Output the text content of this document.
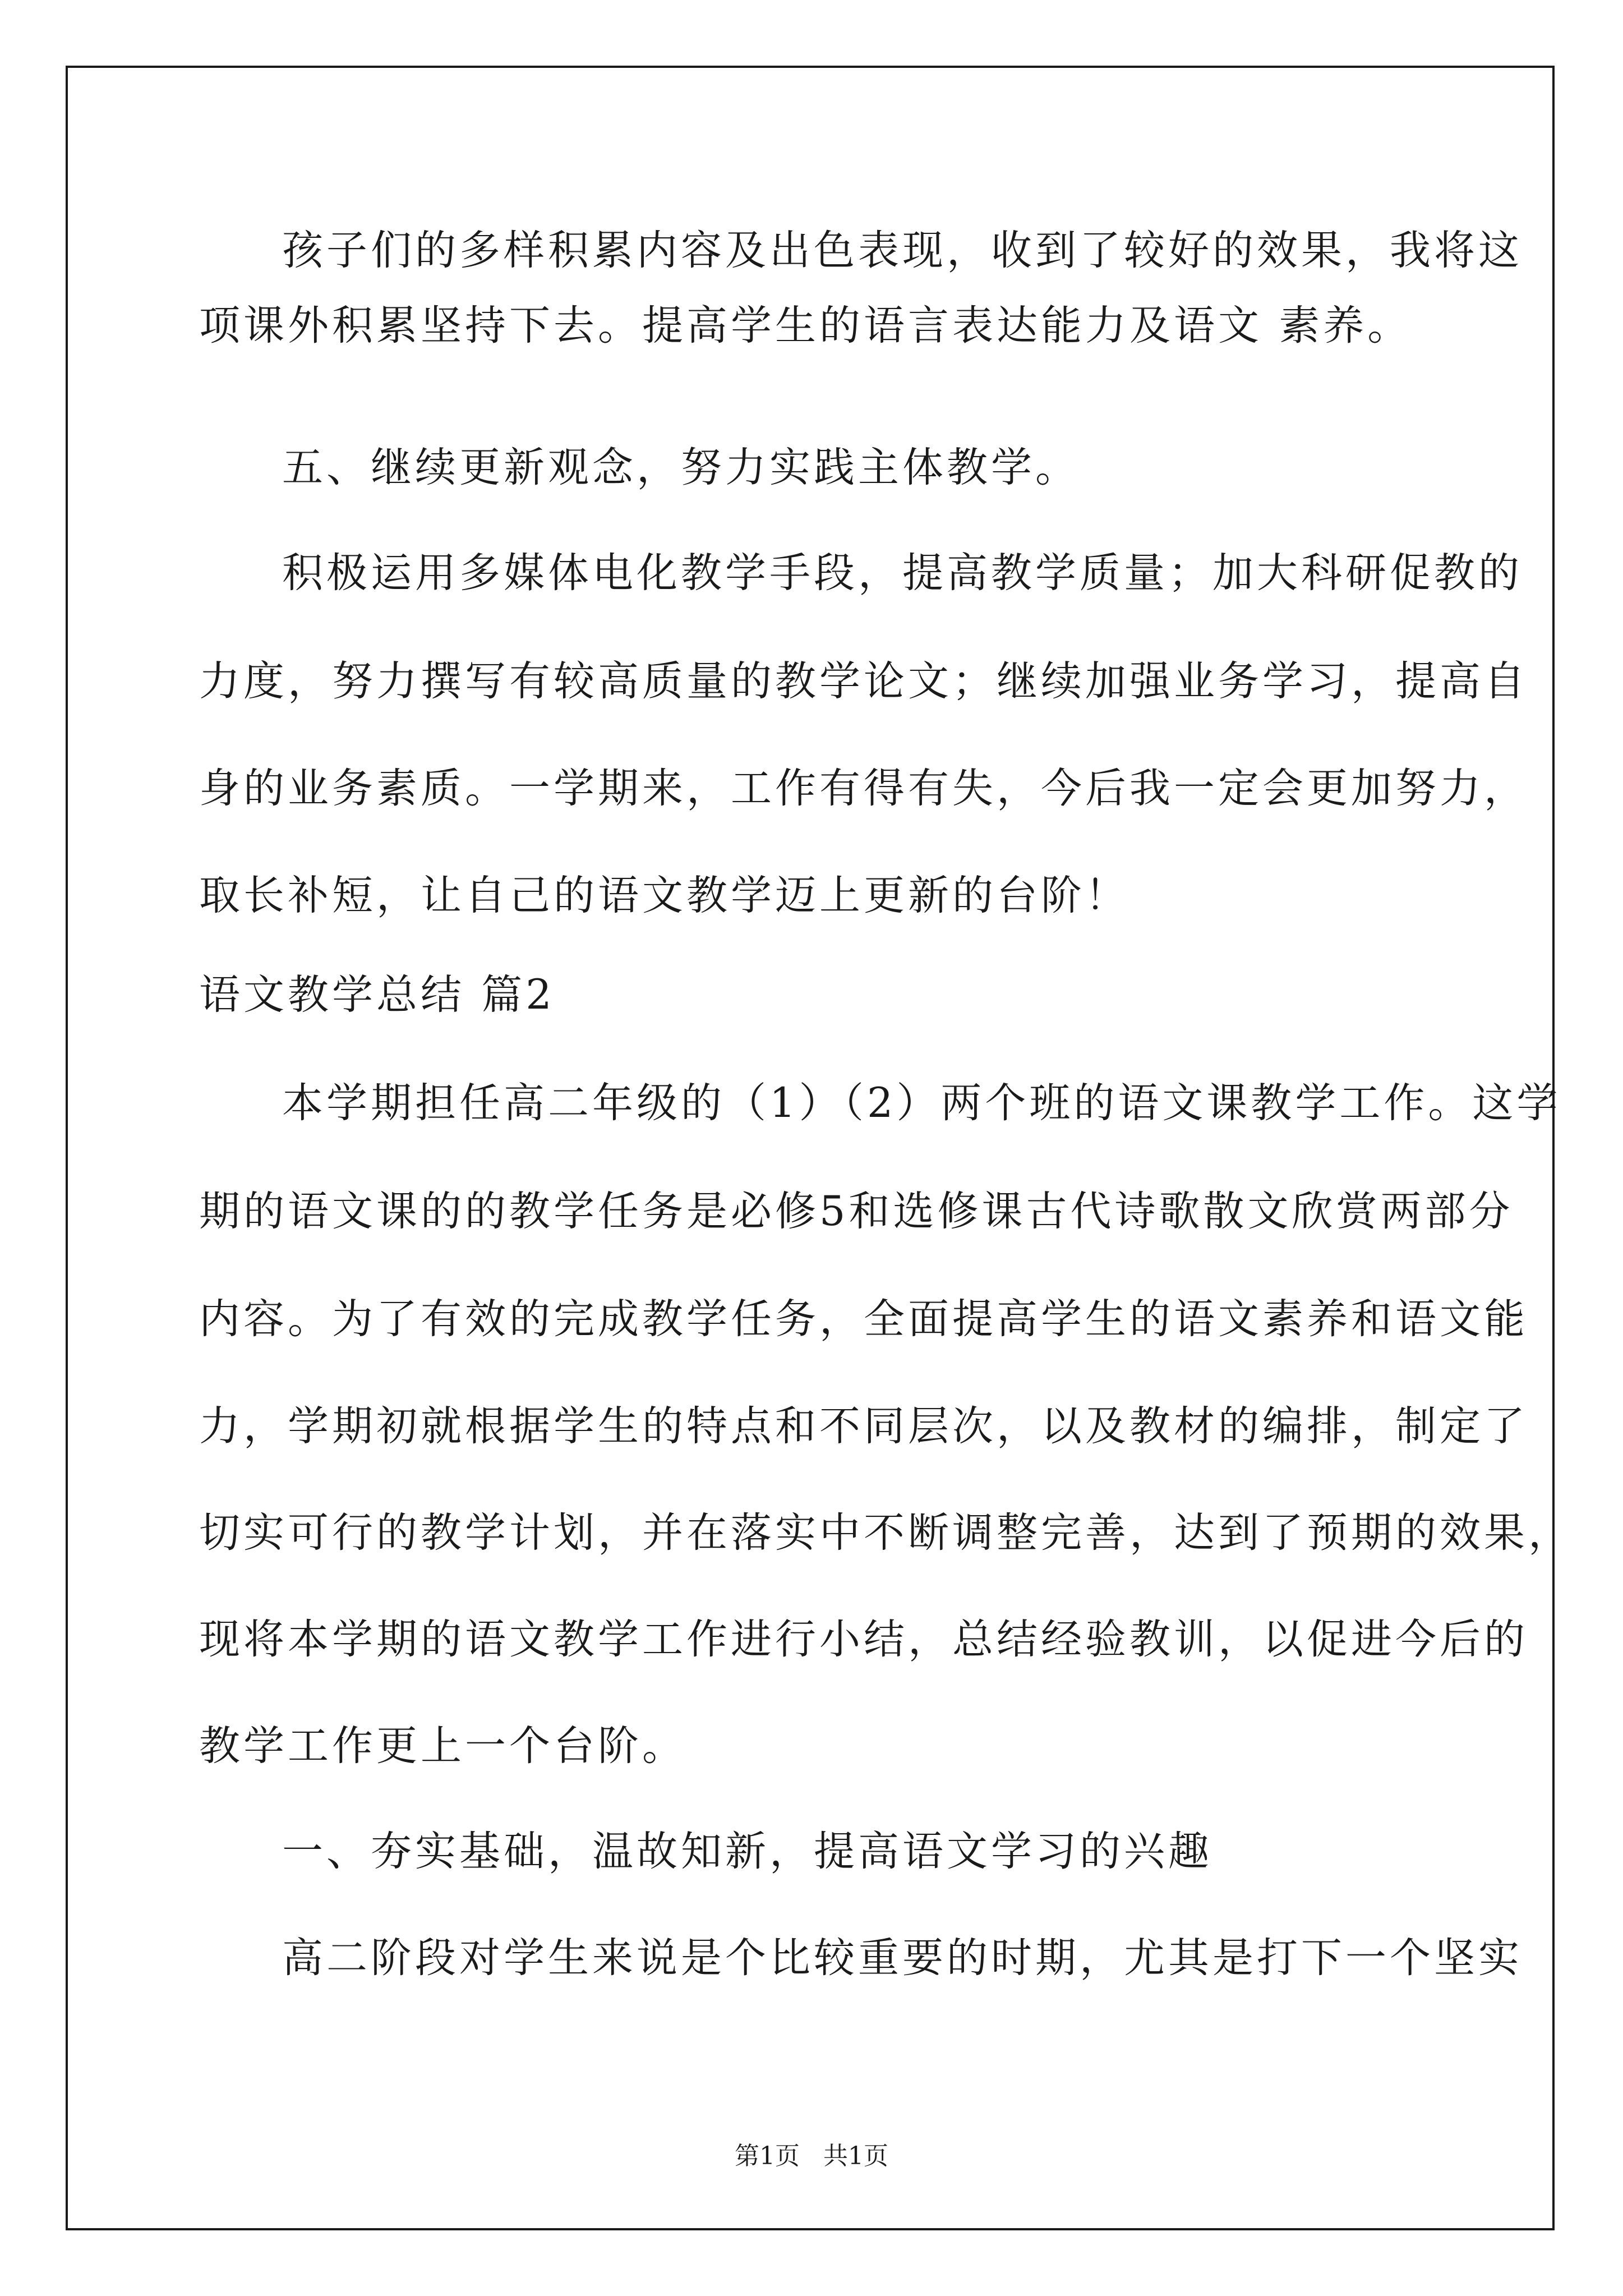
孩子们的多样积累内容及出色表现，收到了较好的效果，我将这
项课外积累坚持下去。提高学生的语言表达能力及语文 素养。
五、继续更新观念，努力实践主体教学。
积极运用多媒体电化教学手段，提高教学质量；加大科研促教的
力度，努力撰写有较高质量的教学论文；继续加强业务学习，提高自
身的业务素质。一学期来，工作有得有失，今后我一定会更加努力，
取长补短，让自己的语文教学迈上更新的台阶！
语文教学总结 篇2
本学期担任高二年级的（1）（2）两个班的语文课教学工作。这学
期的语文课的的教学任务是必修5和选修课古代诗歌散文欣赏两部分
内容。为了有效的完成教学任务，全面提高学生的语文素养和语文能
力，学期初就根据学生的特点和不同层次，以及教材的编排，制定了
切实可行的教学计划，并在落实中不断调整完善，达到了预期的效果，
现将本学期的语文教学工作进行小结，总结经验教训，以促进今后的
教学工作更上一个台阶。
一、夯实基础，温故知新，提高语文学习的兴趣
高二阶段对学生来说是个比较重要的时期，尤其是打下一个坚实
第1页   共1页
